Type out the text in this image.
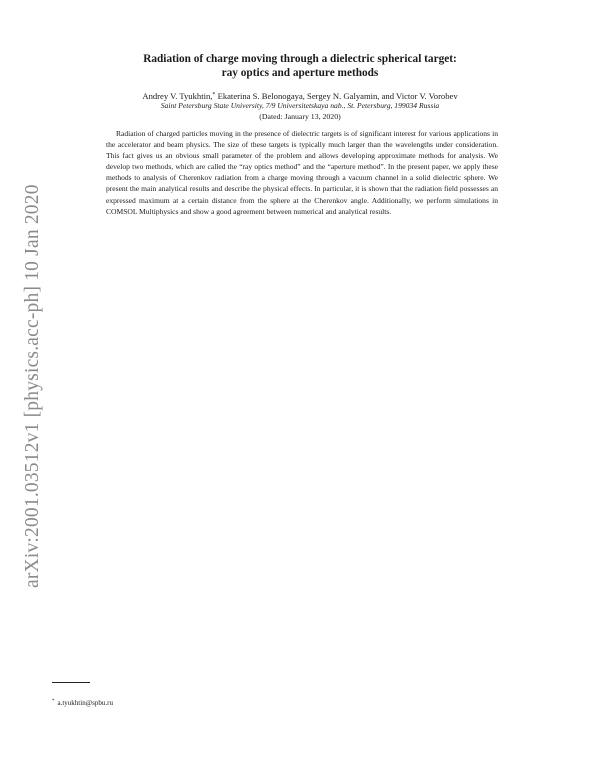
Radiation of charge moving through a dielectric spherical target:
ray optics and aperture methods
Andrey V. Tyukhtin,* Ekaterina S. Belonogaya, Sergey N. Galyamin, and Victor V. Vorobev
Saint Petersburg State University, 7/9 Universitetskaya nab., St. Petersburg, 199034 Russia
(Dated: January 13, 2020)
Radiation of charged particles moving in the presence of dielectric targets is of significant interest for various applications in the accelerator and beam physics. The size of these targets is typically much larger than the wavelengths under consideration. This fact gives us an obvious small parameter of the problem and allows developing approximate methods for analysis. We develop two methods, which are called the “ray optics method” and the “aperture method”. In the present paper, we apply these methods to analysis of Cherenkov radiation from a charge moving through a vacuum channel in a solid dielectric sphere. We present the main analytical results and describe the physical effects. In particular, it is shown that the radiation field possesses an expressed maximum at a certain distance from the sphere at the Cherenkov angle. Additionally, we perform simulations in COMSOL Multiphysics and show a good agreement between numerical and analytical results.
arXiv:2001.03512v1 [physics.acc-ph] 10 Jan 2020
* a.tyukhtin@spbu.ru
